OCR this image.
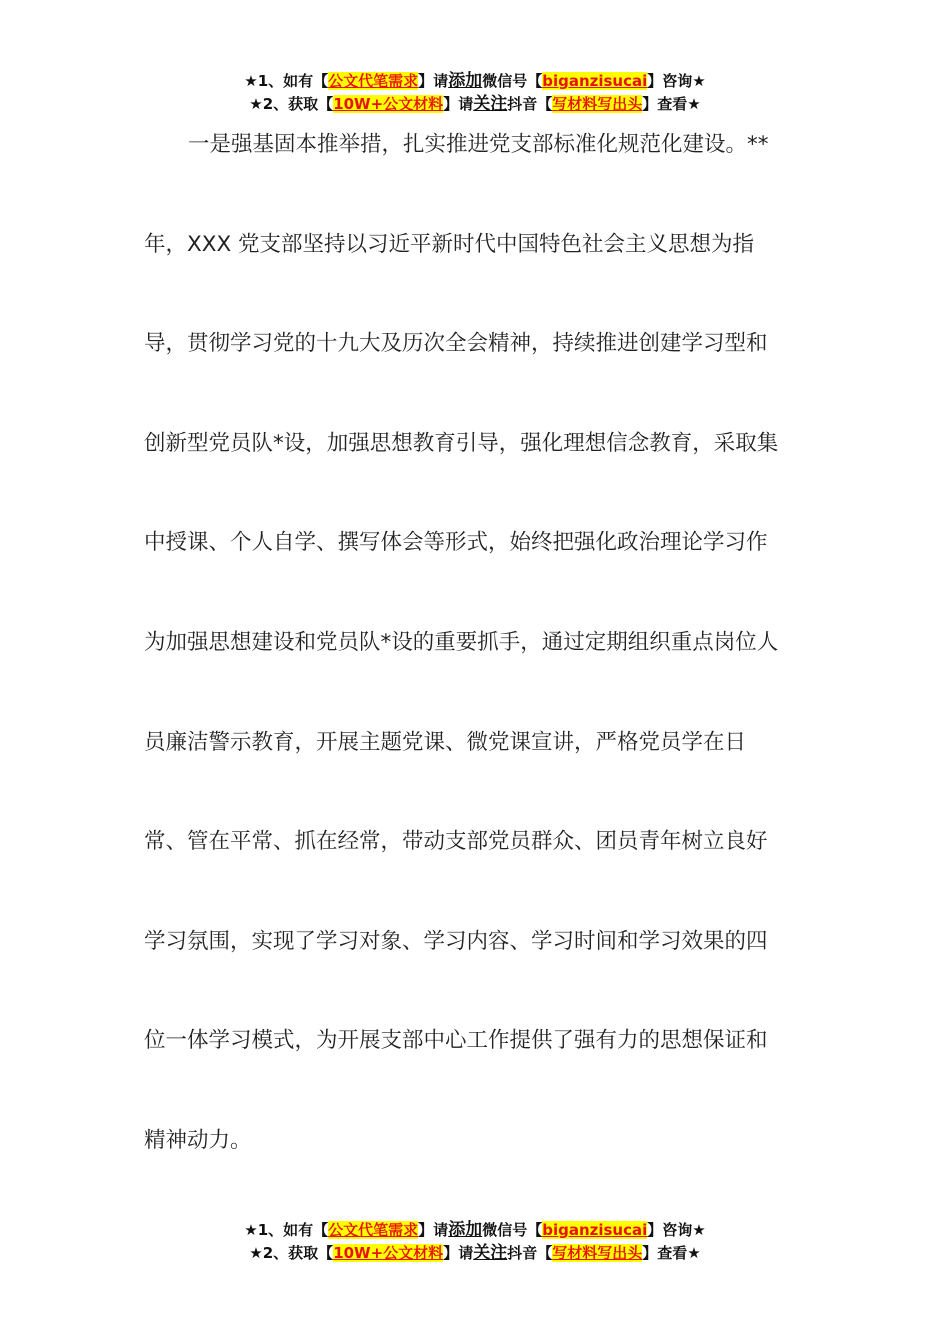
★1、如有【公文代笔需求】请添加微信号【biganzisucai】咨询★
★2、获取【10W+公文材料】请关注抖音【写材料写出头】查看★
一是强基固本推举措，扎实推进党支部标准化规范化建设。**
年，XXX 党支部坚持以习近平新时代中国特色社会主义思想为指
导，贯彻学习党的十九大及历次全会精神，持续推进创建学习型和
创新型党员队*设，加强思想教育引导，强化理想信念教育，采取集
中授课、个人自学、撰写体会等形式，始终把强化政治理论学习作
为加强思想建设和党员队*设的重要抓手，通过定期组织重点岗位人
员廉洁警示教育，开展主题党课、微党课宣讲，严格党员学在日
常、管在平常、抓在经常，带动支部党员群众、团员青年树立良好
学习氛围，实现了学习对象、学习内容、学习时间和学习效果的四
位一体学习模式，为开展支部中心工作提供了强有力的思想保证和
精神动力。
★1、如有【公文代笔需求】请添加微信号【biganzisucai】咨询★
★2、获取【10W+公文材料】请关注抖音【写材料写出头】查看★
